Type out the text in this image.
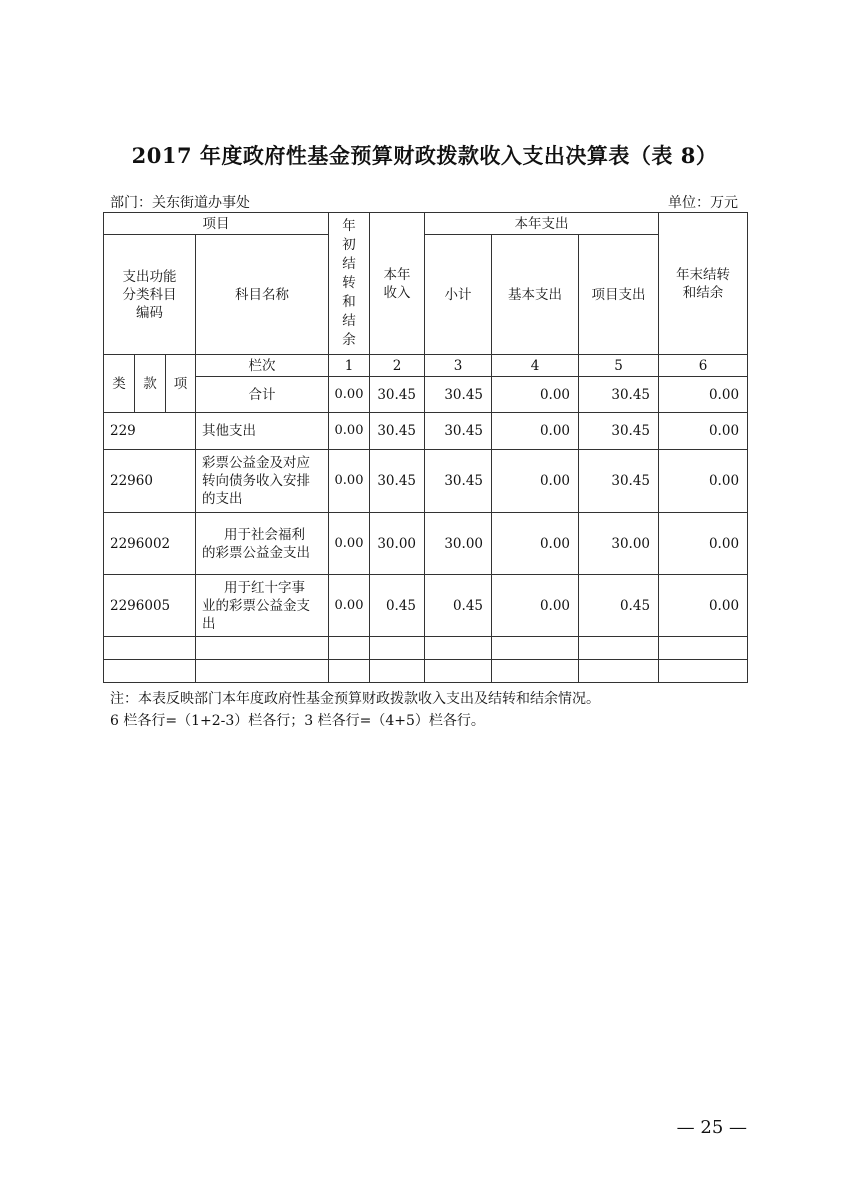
2017 年度政府性基金预算财政拨款收入支出决算表（表 8）
部门：关东街道办事处	单位：万元
项目				年初结转和结余	本年收入	本年支出			年末结转和结余
支出功能分类科目编码			科目名称			小计	基本支出	项目支出	
类	款	项	栏次	1	2	3	4	5	6
			合计	0.00	30.45	30.45	0.00	30.45	0.00
229			其他支出	0.00	30.45	30.45	0.00	30.45	0.00
22960			彩票公益金及对应转向债务收入安排的支出	0.00	30.45	30.45	0.00	30.45	0.00
2296002			用于社会福利的彩票公益金支出	0.00	30.00	30.00	0.00	30.00	0.00
2296005			用于红十字事业的彩票公益金支出	0.00	0.45	0.45	0.00	0.45	0.00

注：本表反映部门本年度政府性基金预算财政拨款收入支出及结转和结余情况。
6 栏各行=（1+2-3）栏各行；3 栏各行=（4+5）栏各行。
— 25 —
